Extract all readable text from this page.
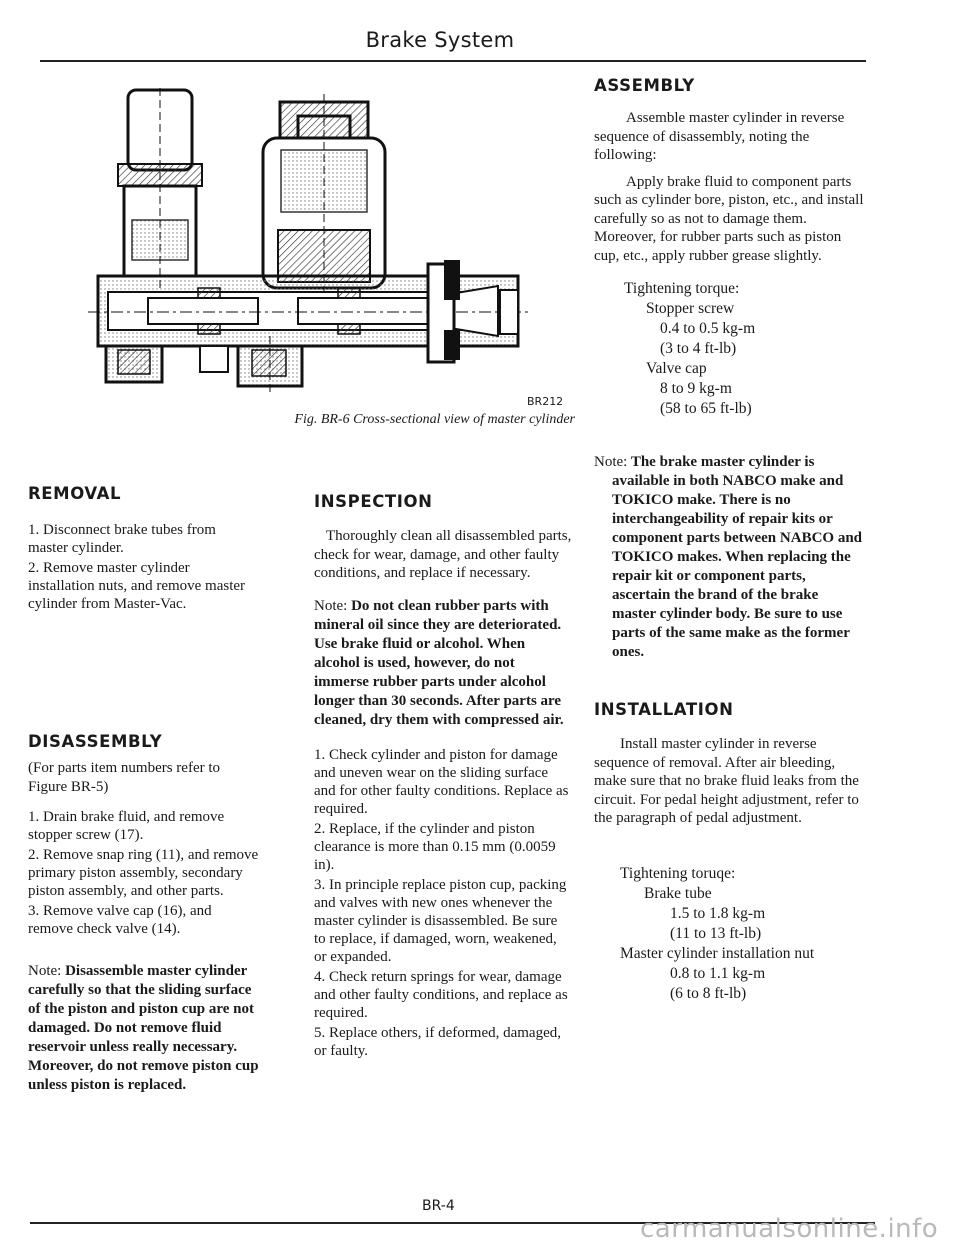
Brake System
BR212
Fig. BR-6 Cross-sectional view of master cylinder
REMOVAL

1. Disconnect brake tubes from master cylinder.

2. Remove master cylinder installation nuts, and remove master cylinder from Master-Vac.

DISASSEMBLY

(For parts item numbers refer to Figure BR-5)

1. Drain brake fluid, and remove stopper screw (17).

2. Remove snap ring (11), and remove primary piston assembly, secondary piston assembly, and other parts.

3. Remove valve cap (16), and remove check valve (14).

Note: Disassemble master cylinder carefully so that the sliding surface of the piston and piston cup are not damaged. Do not remove fluid reservoir unless really necessary. Moreover, do not remove piston cup unless piston is replaced.
INSPECTION

Thoroughly clean all disassembled parts, check for wear, damage, and other faulty conditions, and replace if necessary.

Note: Do not clean rubber parts with mineral oil since they are deteriorated. Use brake fluid or alcohol. When alcohol is used, however, do not immerse rubber parts under alcohol longer than 30 seconds. After parts are cleaned, dry them with compressed air.

1. Check cylinder and piston for damage and uneven wear on the sliding surface and for other faulty conditions. Replace as required.

2. Replace, if the cylinder and piston clearance is more than 0.15 mm (0.0059 in).

3. In principle replace piston cup, packing and valves with new ones whenever the master cylinder is disassembled. Be sure to replace, if damaged, worn, weakened, or expanded.

4. Check return springs for wear, damage and other faulty conditions, and replace as required.

5. Replace others, if deformed, damaged, or faulty.

ASSEMBLY

Assemble master cylinder in reverse sequence of disassembly, noting the following:

Apply brake fluid to component parts such as cylinder bore, piston, etc., and install carefully so as not to damage them. Moreover, for rubber parts such as piston cup, etc., apply rubber grease slightly.

Tightening torque:

Stopper screw

0.4 to 0.5 kg-m

(3 to 4 ft-lb)

Valve cap

8 to 9 kg-m

(58 to 65 ft-lb)

Note: The brake master cylinder is available in both NABCO make and TOKICO make. There is no interchangeability of repair kits or component parts between NABCO and TOKICO makes. When replacing the repair kit or component parts, ascertain the brand of the brake master cylinder body. Be sure to use parts of the same make as the former ones.
INSTALLATION

Install master cylinder in reverse sequence of removal. After air bleeding, make sure that no brake fluid leaks from the circuit. For pedal height adjustment, refer to the paragraph of pedal adjustment.

Tightening toruqe:

Brake tube

1.5 to 1.8 kg-m

(11 to 13 ft-lb)

Master cylinder installation nut

0.8 to 1.1 kg-m

(6 to 8 ft-lb)

BR-4
carmanualsonline.info
